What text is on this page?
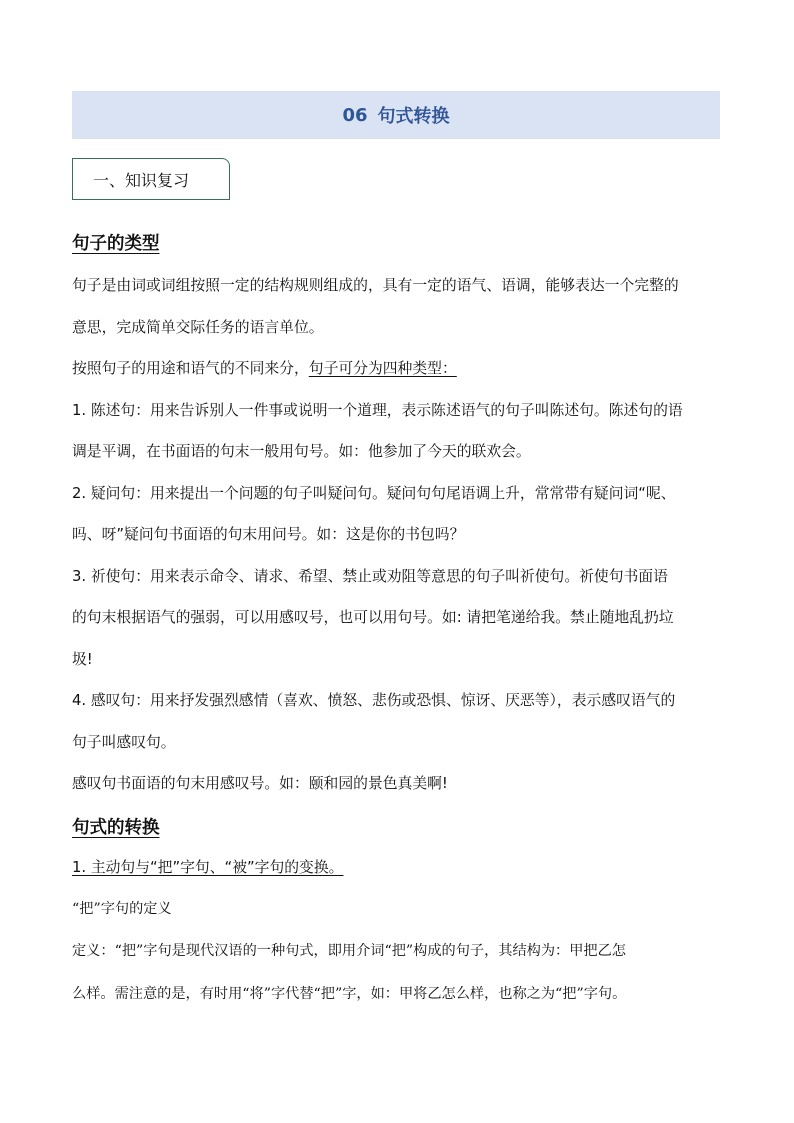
06 句式转换
一、知识复习
句子的类型
句子是由词或词组按照一定的结构规则组成的，具有一定的语气、语调，能够表达一个完整的
意思，完成简单交际任务的语言单位。
按照句子的用途和语气的不同来分，句子可分为四种类型：
1. 陈述句：用来告诉别人一件事或说明一个道理，表示陈述语气的句子叫陈述句。陈述句的语
调是平调，在书面语的句末一般用句号。如：他参加了今天的联欢会。
2. 疑问句：用来提出一个问题的句子叫疑问句。疑问句句尾语调上升，常常带有疑问词“呢、
吗、呀”疑问句书面语的句末用问号。如：这是你的书包吗？
3. 祈使句：用来表示命令、请求、希望、禁止或劝阻等意思的句子叫祈使句。祈使句书面语
的句末根据语气的强弱，可以用感叹号，也可以用句号。如: 请把笔递给我。禁止随地乱扔垃
圾!
4. 感叹句：用来抒发强烈感情（喜欢、愤怒、悲伤或恐惧、惊讶、厌恶等），表示感叹语气的
句子叫感叹句。
感叹句书面语的句末用感叹号。如：颐和园的景色真美啊!
句式的转换
1. 主动句与“把”字句、“被”字句的变换。
“把”字句的定义
定义：“把”字句是现代汉语的一种句式，即用介词“把”构成的句子，其结构为：甲把乙怎
么样。需注意的是，有时用“将”字代替“把”字，如：甲将乙怎么样，也称之为“把”字句。
